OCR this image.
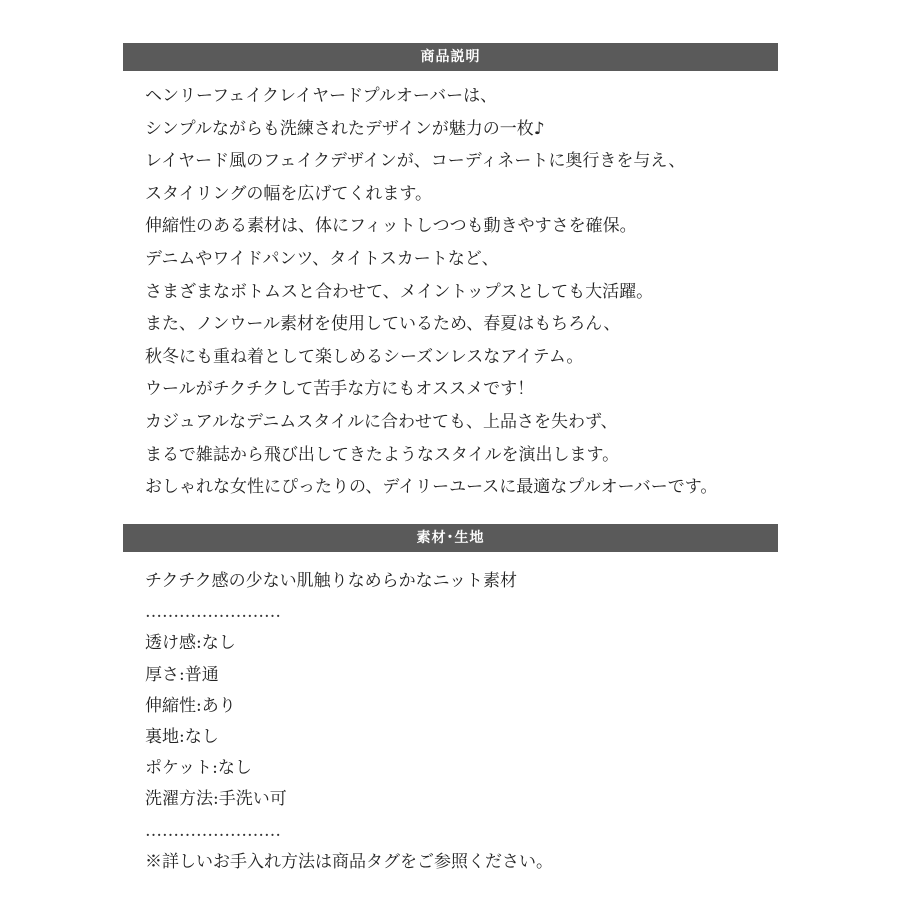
商品説明
ヘンリーフェイクレイヤードプルオーバーは、
シンプルながらも洗練されたデザインが魅力の一枚♪
レイヤード風のフェイクデザインが、コーディネートに奥行きを与え、
スタイリングの幅を広げてくれます。
伸縮性のある素材は、体にフィットしつつも動きやすさを確保。
デニムやワイドパンツ、タイトスカートなど、
さまざまなボトムスと合わせて、メイントップスとしても大活躍。
また、ノンウール素材を使用しているため、春夏はもちろん、
秋冬にも重ね着として楽しめるシーズンレスなアイテム。
ウールがチクチクして苦手な方にもオススメです！
カジュアルなデニムスタイルに合わせても、上品さを失わず、
まるで雑誌から飛び出してきたようなスタイルを演出します。
おしゃれな女性にぴったりの、デイリーユースに最適なプルオーバーです。
素材･生地
チクチク感の少ない肌触りなめらかなニット素材
……………………
透け感:なし
厚さ:普通
伸縮性:あり
裏地:なし
ポケット:なし
洗濯方法:手洗い可
……………………
※詳しいお手入れ方法は商品タグをご参照ください。
